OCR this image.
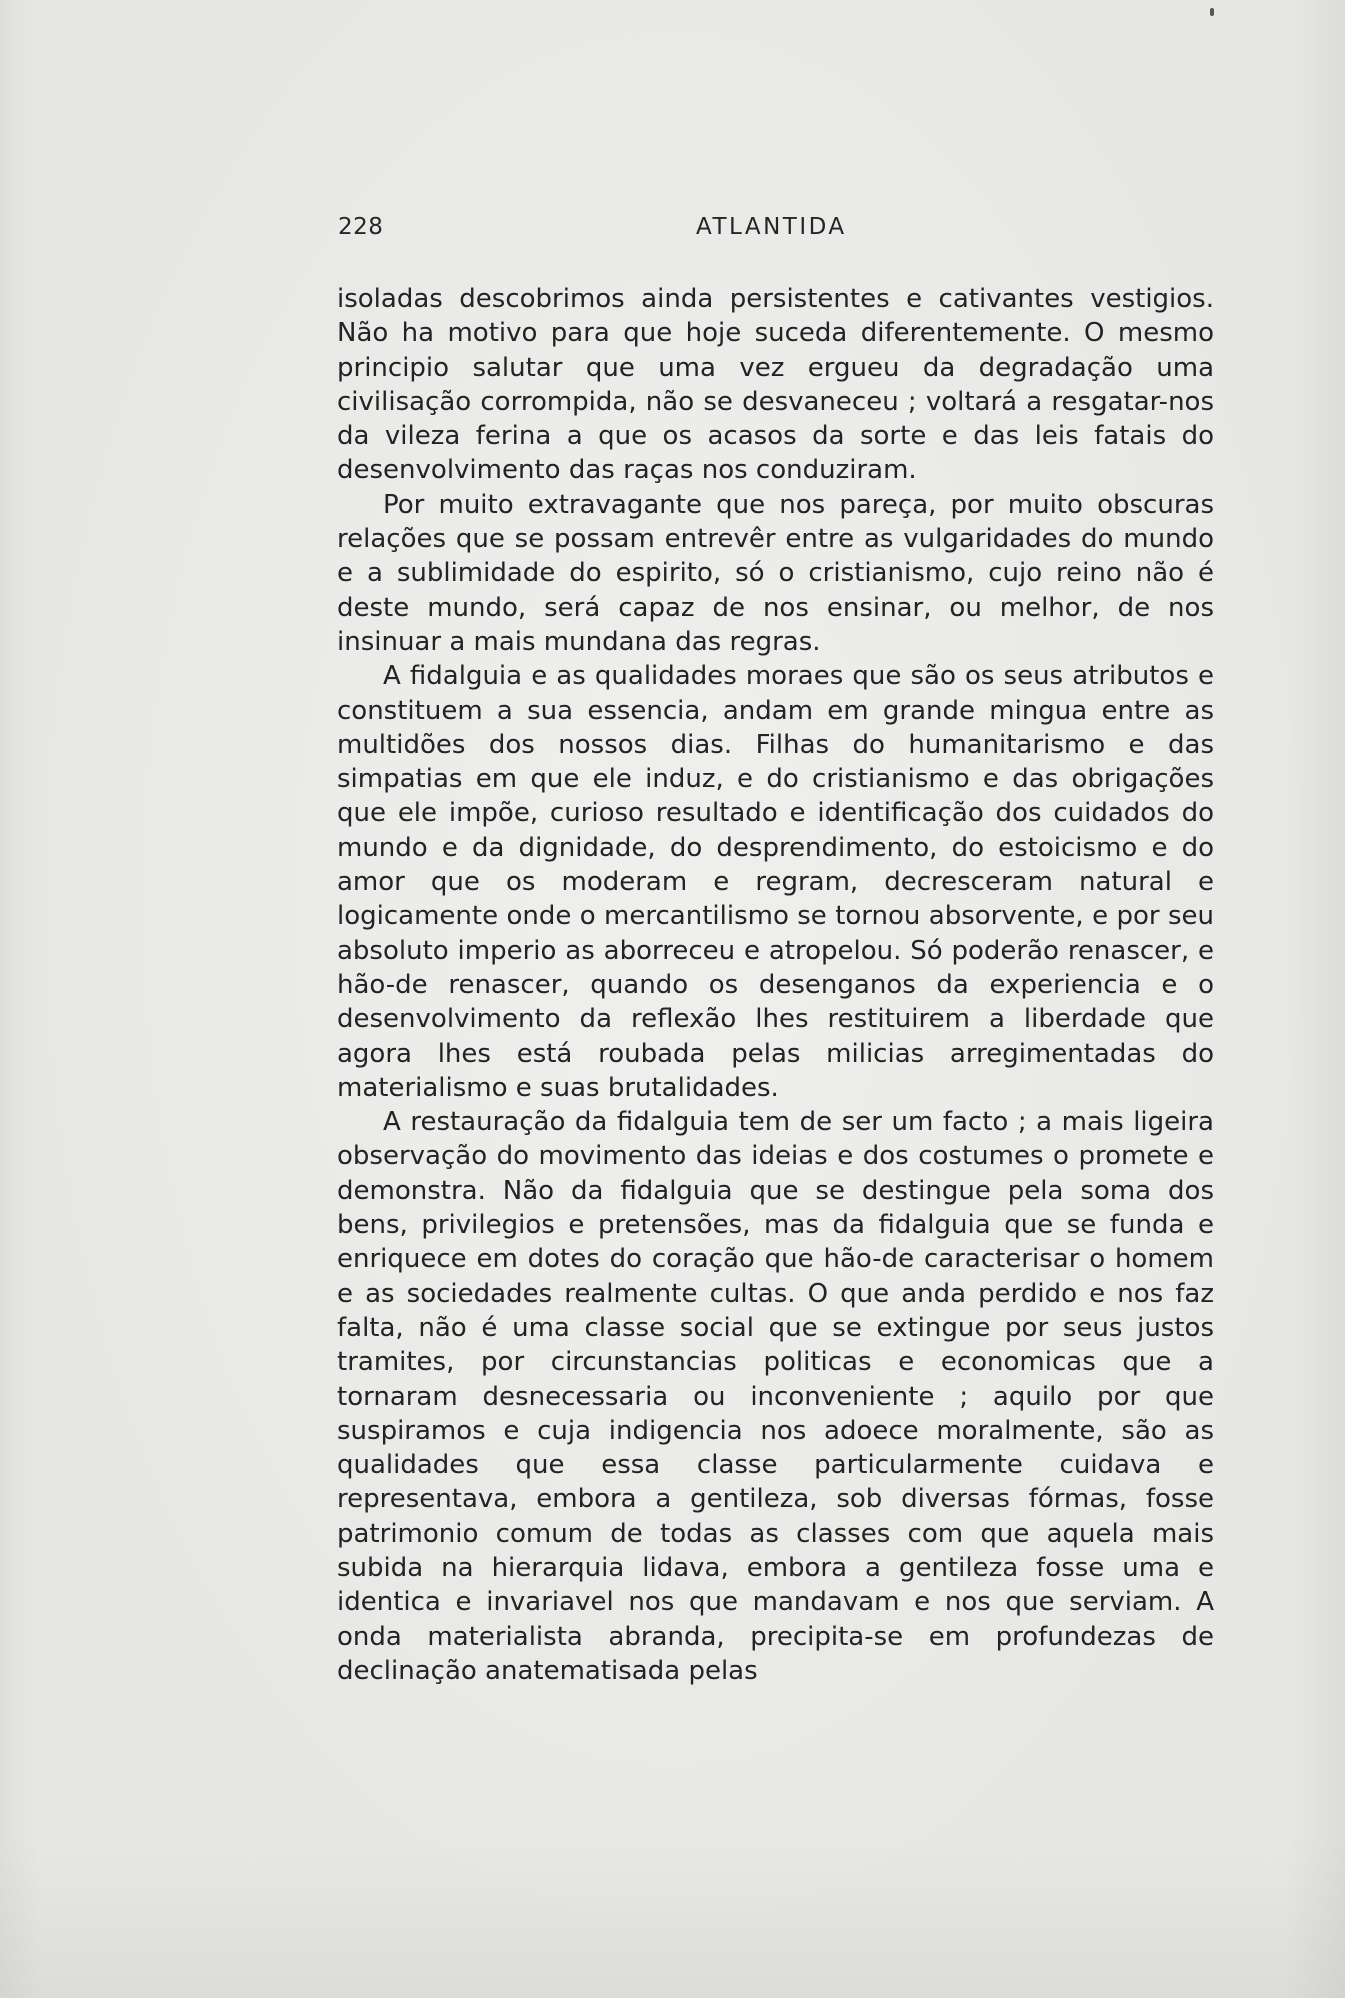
228	ATLANTIDA

isoladas descobrimos ainda persistentes e cativantes vestigios. Não ha motivo para que hoje suceda diferentemente. O mesmo principio salutar que uma vez ergueu da degradação uma civilisação corrompida, não se desvaneceu ; voltará a resgatar-nos da vileza ferina a que os acasos da sorte e das leis fatais do desenvolvimento das raças nos conduziram.

Por muito extravagante que nos pareça, por muito obscuras relações que se possam entrevêr entre as vulgaridades do mundo e a sublimidade do espirito, só o cristianismo, cujo reino não é deste mundo, será capaz de nos ensinar, ou melhor, de nos insinuar a mais mundana das regras.

A fidalguia e as qualidades moraes que são os seus atributos e constituem a sua essencia, andam em grande mingua entre as multidões dos nossos dias. Filhas do humanitarismo e das simpatias em que ele induz, e do cristianismo e das obrigações que ele impõe, curioso resultado e identificação dos cuidados do mundo e da dignidade, do desprendimento, do estoicismo e do amor que os moderam e regram, decresceram natural e logicamente onde o mercantilismo se tornou absorvente, e por seu absoluto imperio as aborreceu e atropelou. Só poderão renascer, e hão-de renascer, quando os desenganos da experiencia e o desenvolvimento da reflexão lhes restituirem a liberdade que agora lhes está roubada pelas milicias arregimentadas do materialismo e suas brutalidades.

A restauração da fidalguia tem de ser um facto ; a mais ligeira observação do movimento das ideias e dos costumes o promete e demonstra. Não da fidalguia que se destingue pela soma dos bens, privilegios e pretensões, mas da fidalguia que se funda e enriquece em dotes do coração que hão-de caracterisar o homem e as sociedades realmente cultas. O que anda perdido e nos faz falta, não é uma classe social que se extingue por seus justos tramites, por circunstancias politicas e economicas que a tornaram desnecessaria ou inconveniente ; aquilo por que suspiramos e cuja indigencia nos adoece moralmente, são as qualidades que essa classe particularmente cuidava e representava, embora a gentileza, sob diversas fórmas, fosse patrimonio comum de todas as classes com que aquela mais subida na hierarquia lidava, embora a gentileza fosse uma e identica e invariavel nos que mandavam e nos que serviam. A onda materialista abranda, precipita-se em profundezas de declinação anatematisada pelas
